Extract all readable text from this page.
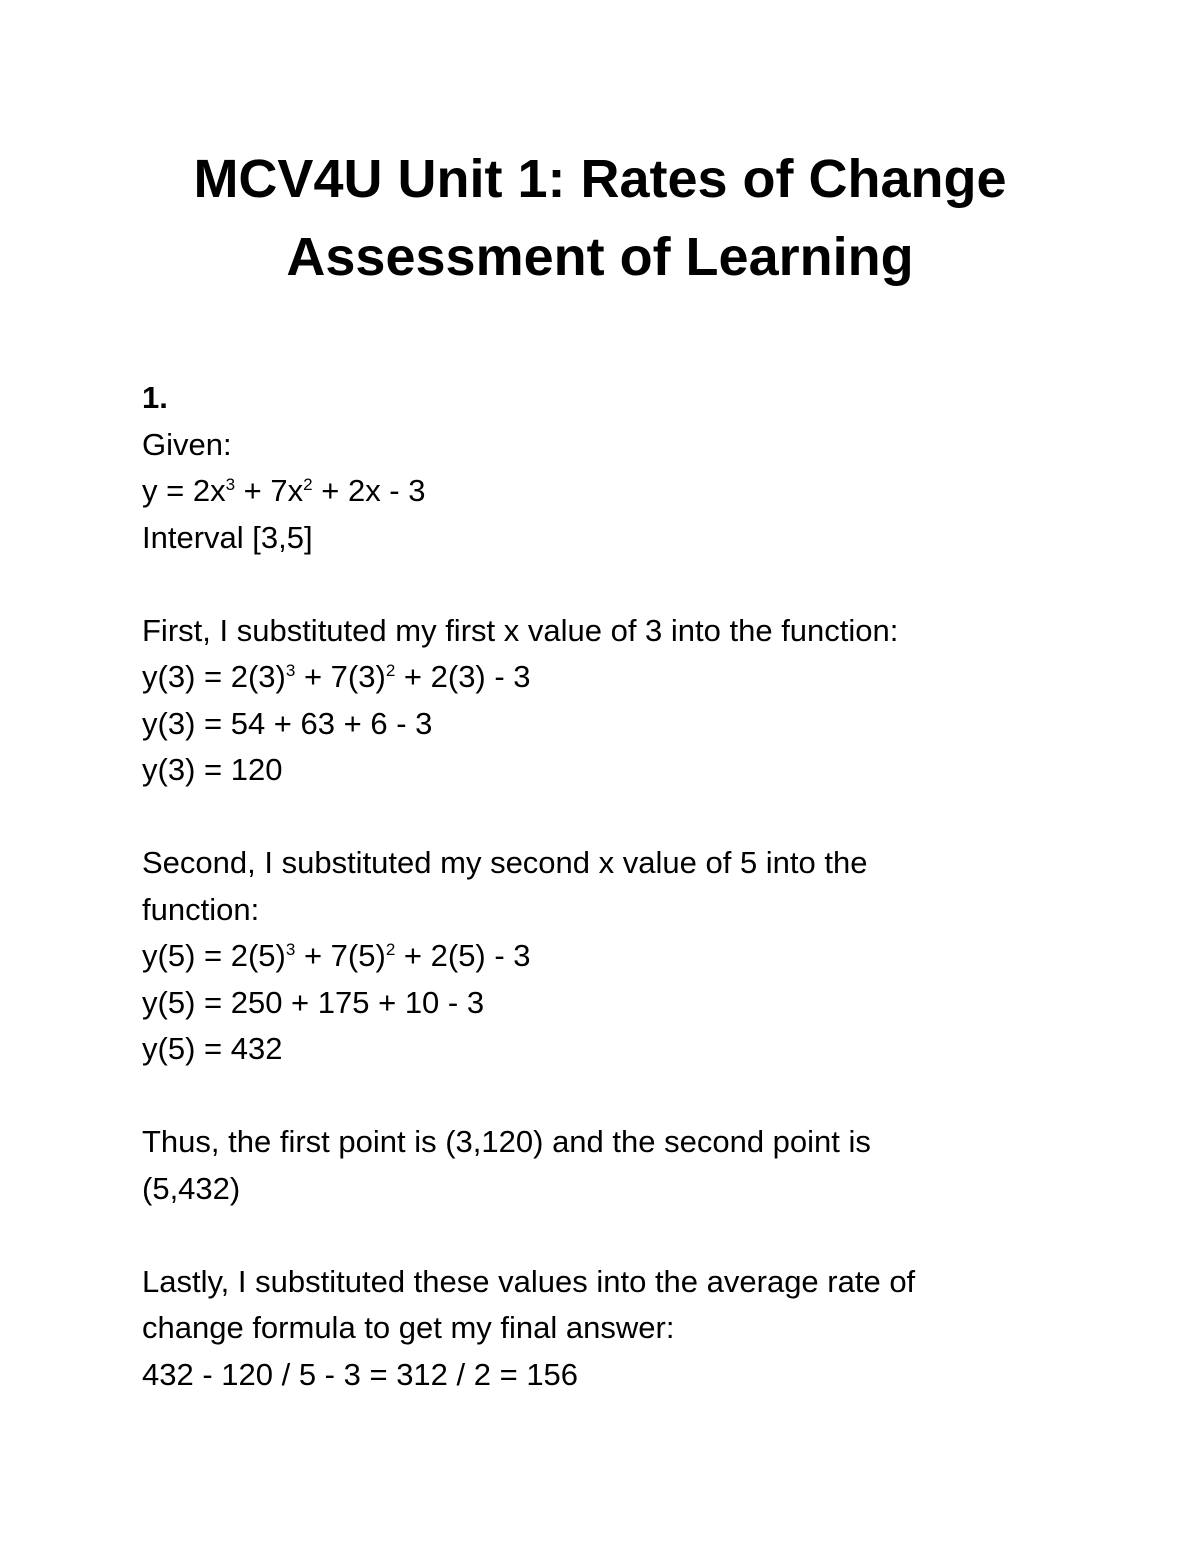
MCV4U Unit 1: Rates of Change
Assessment of Learning
1.
Given:
$y = 2x^3 + 7x^2 + 2x - 3$
Interval [3,5]
First, I substituted my first x value of 3 into the function:
$y(3) = 2(3)^3 + 7(3)^2 + 2(3) - 3$
y(3) = 54 + 63 + 6 - 3
y(3) = 120
Second, I substituted my second x value of 5 into the
function:
$y(5) = 2(5)^3 + 7(5)^2 + 2(5) - 3$
y(5) = 250 + 175 + 10 - 3
y(5) = 432
Thus, the first point is (3,120) and the second point is
(5,432)
Lastly, I substituted these values into the average rate of
change formula to get my final answer:
432 - 120 / 5 - 3 = 312 / 2 = 156
